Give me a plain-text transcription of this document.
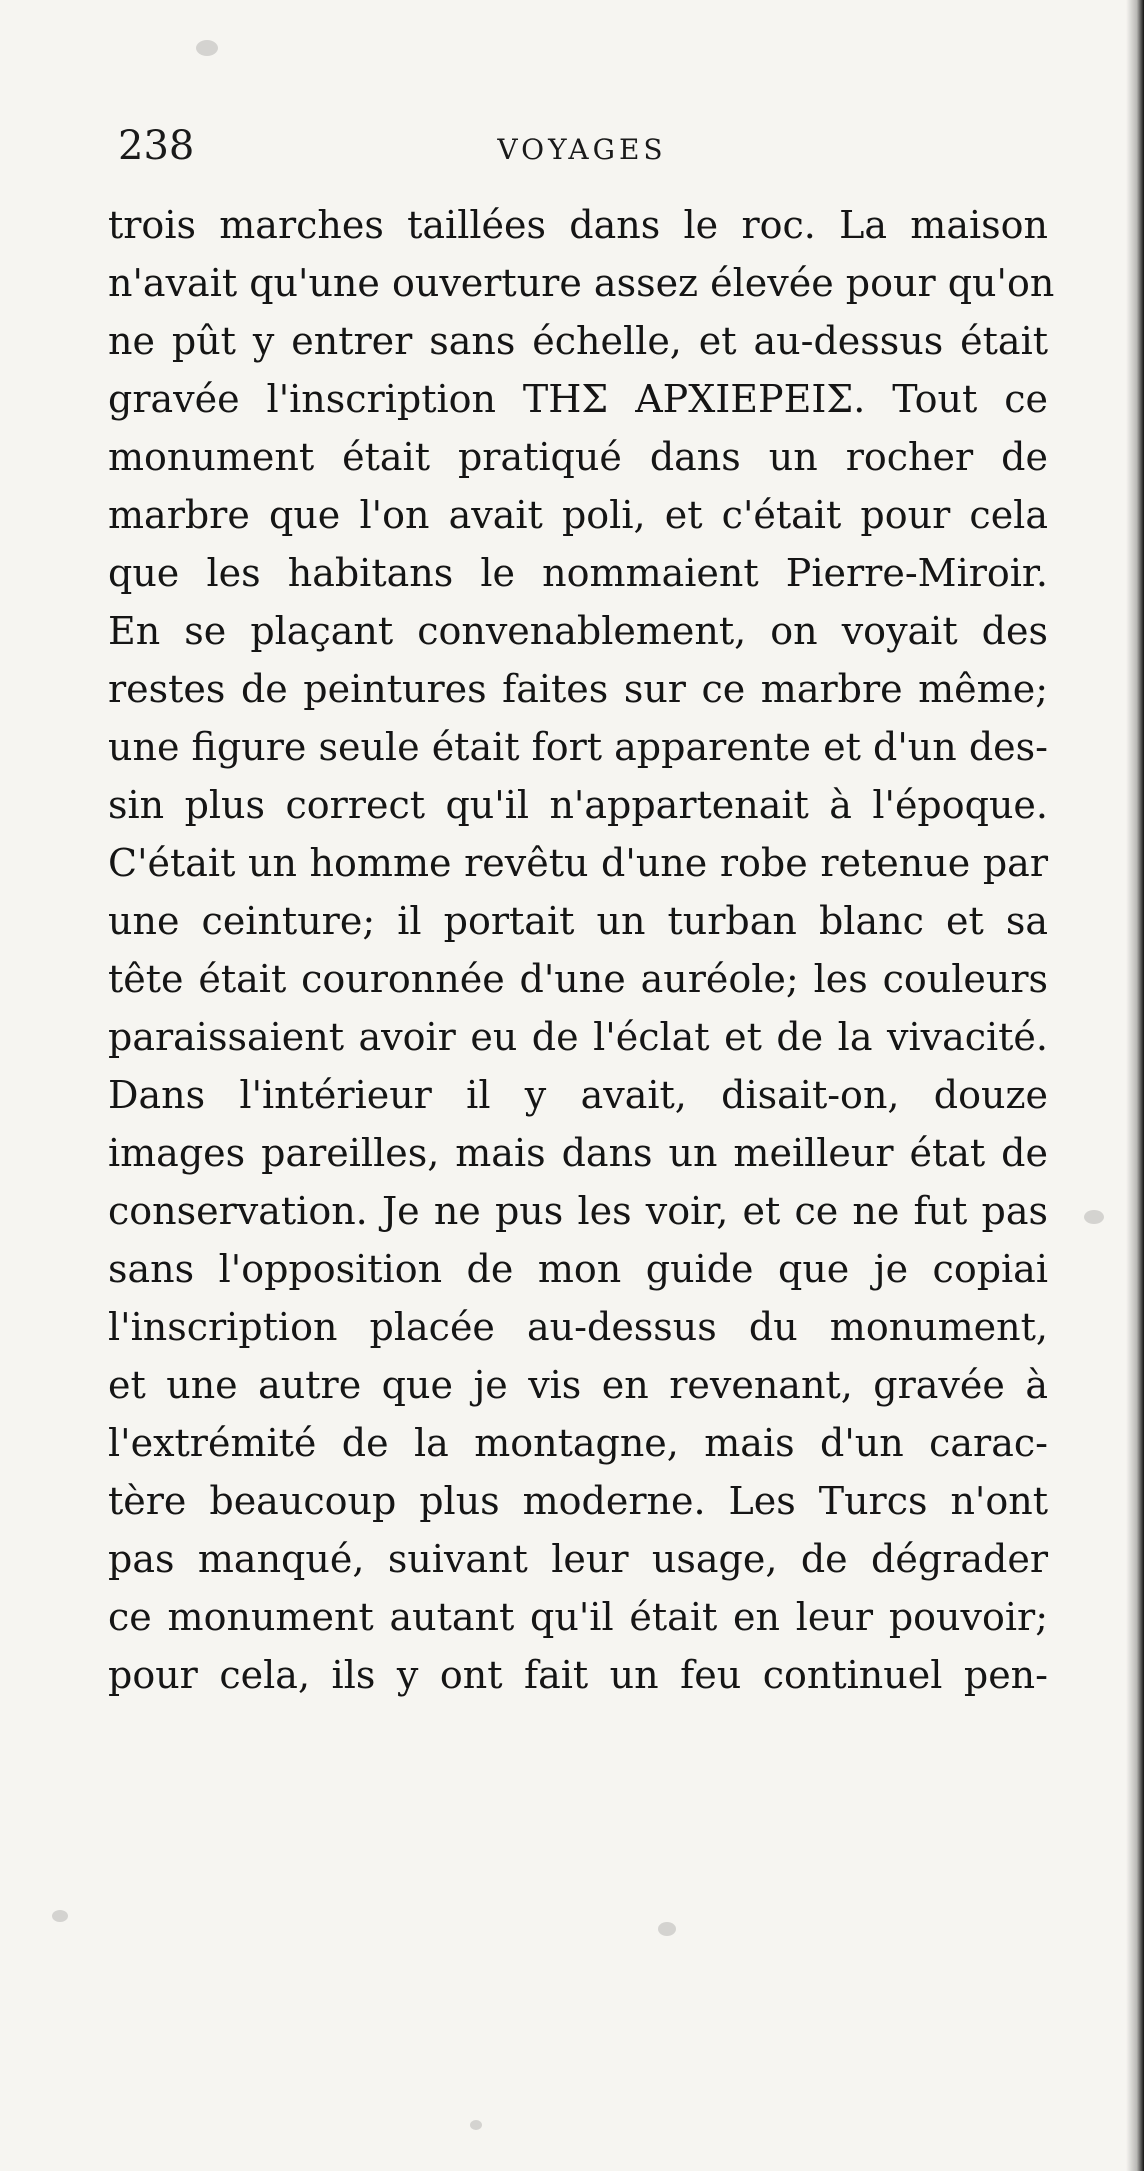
238	VOYAGES
trois marches taillées dans le roc. La maison
n'avait qu'une ouverture assez élevée pour qu'on
ne pût y entrer sans échelle, et au-dessus était
gravée l'inscription ΤΗΣ ΑΡΧΙΕΡΕΙΣ. Tout ce
monument était pratiqué dans un rocher de
marbre que l'on avait poli, et c'était pour cela
que les habitans le nommaient Pierre-Miroir.
En se plaçant convenablement, on voyait des
restes de peintures faites sur ce marbre même;
une figure seule était fort apparente et d'un des-
sin plus correct qu'il n'appartenait à l'époque.
C'était un homme revêtu d'une robe retenue par
une ceinture; il portait un turban blanc et sa
tête était couronnée d'une auréole; les couleurs
paraissaient avoir eu de l'éclat et de la vivacité.
Dans l'intérieur il y avait, disait-on, douze
images pareilles, mais dans un meilleur état de
conservation. Je ne pus les voir, et ce ne fut pas
sans l'opposition de mon guide que je copiai
l'inscription placée au-dessus du monument,
et une autre que je vis en revenant, gravée à
l'extrémité de la montagne, mais d'un carac-
tère beaucoup plus moderne. Les Turcs n'ont
pas manqué, suivant leur usage, de dégrader
ce monument autant qu'il était en leur pouvoir;
pour cela, ils y ont fait un feu continuel pen-
